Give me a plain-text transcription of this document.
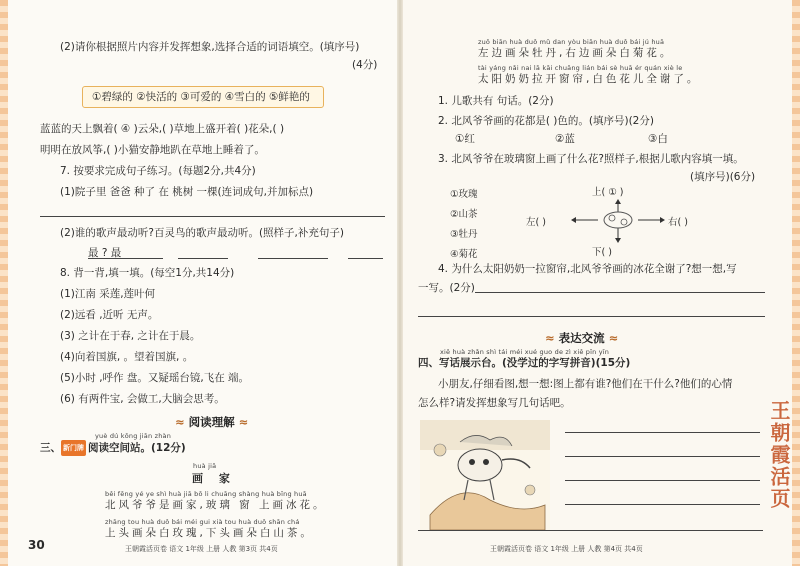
(2)请你根据照片内容并发挥想象,选择合适的词语填空。(填序号)
(4分)
①碧绿的 ②快活的 ③可爱的 ④雪白的 ⑤鲜艳的
蓝蓝的天上飘着( ④ )云朵,( )草地上盛开着( )花朵,( )
明明在放风筝,( )小猫安静地趴在草地上睡着了。
7. 按要求完成句子练习。(每题2分,共4分)
(1)院子里 爸爸 种了 在 桃树 一棵(连词成句,并加标点)
(2)谁的歌声最动听?百灵鸟的歌声最动听。(照样子,补充句子)
最 ? 最
8. 背一背,填一填。(每空1分,共14分)
(1)江南 采莲,莲叶何
(2)远看 ,近听 无声。
(3) 之计在于春, 之计在于晨。
(4)向着国旗, 。望着国旗, 。
(5)小时 ,呼作 盘。又疑瑶台镜,飞在 端。
(6) 有两件宝, 会做工,大脑会思考。
≈ 阅读理解 ≈
yuè dú kōng jiān zhàn
三、 新门牌 阅读空间站。(12分)
huà jiā
画 家
běi fēng yé ye shì huà jiā bō li chuāng shàng huà bīng huā
北风爷爷是画家,玻璃 窗 上画冰花。
zhāng tou huà duǒ bái méi gui xià tou huà duǒ shān chá
上头画朵白玫瑰,下头画朵白山茶。
30	王朝霞活页卷 语文 1年级 上册 人教 第3页 共4页
zuǒ biān huà duǒ mǔ dan yòu biān huà duǒ bái jú huā
左边画朵牡丹,右边画朵白菊花。
tài yáng nǎi nai lā kāi chuāng lián bái sè huā ér quán xiè le
太阳奶奶拉开窗帘,白色花儿全谢了。
1. 儿歌共有 句话。(2分)
2. 北风爷爷画的花都是( )色的。(填序号)(2分)
①红	②蓝	③白
3. 北风爷爷在玻璃窗上画了什么花?照样子,根据儿歌内容填一填。
(填序号)(6分)
①玫瑰
②山茶
③牡丹
④菊花
上( ① )
左( )	右( )
下( )
4. 为什么太阳奶奶一拉窗帘,北风爷爷画的冰花全谢了?想一想,写
一写。(2分)
≈ 表达交流 ≈
xiě huà zhǎn shì tái méi xué guo de zì xiě pīn yīn
四、写话展示台。(没学过的字写拼音)(15分)
小朋友,仔细看图,想一想:图上都有谁?他们在干什么?他们的心情
怎么样?请发挥想象写几句话吧。
王朝霞活页卷 语文 1年级 上册 人教 第4页 共4页
王朝霞活页
